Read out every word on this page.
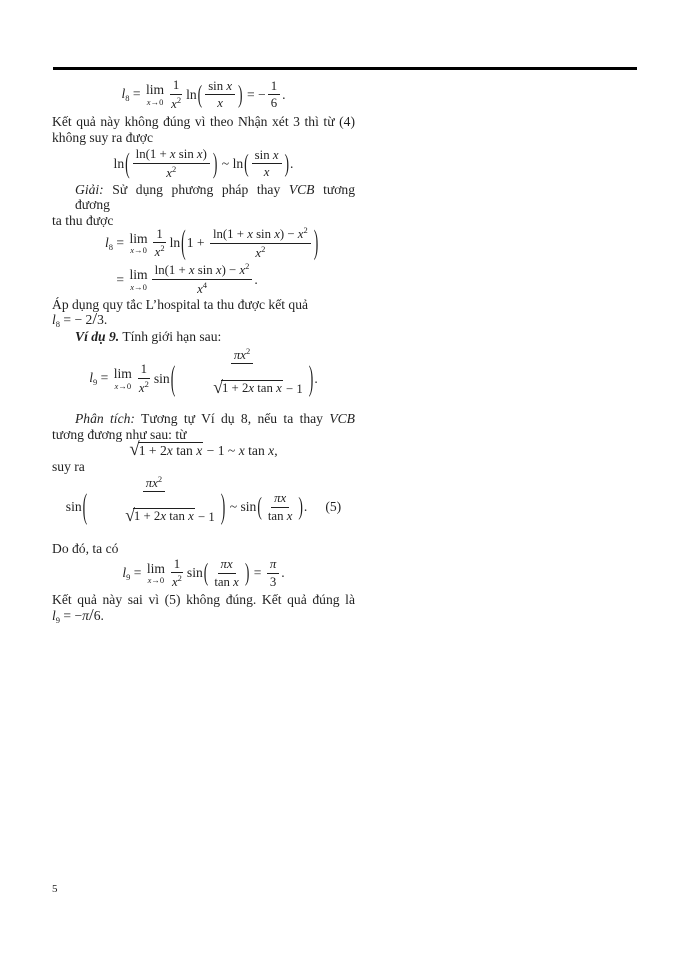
$l_8 = \lim$
$x\to 0 \frac{1}{x^2}$ ln ( $\frac{\text{sin x}}{x}$ ) = − $\frac{1}{6}$ .
Kết quả này không đúng vì theo Nhận xét 3 thì từ (4)
không suy ra được
ln ( $\frac{\text{ln(1 + x sin x)}}{x^2}$ ) ~ ln ( $\frac{\text{sin x}}{x}$ ) .
Giải: Sử dụng phương pháp thay VCB tương đương
ta thu được
$l_8 = \lim$
$x\to 0 \frac{1}{x^2}$ ln ( $1 + \frac{\ln(1 + x \sin x) - x^2}{x^2}$ )
= lim
$x\to 0 \frac{\ln(1 + x \sin x) - x^2}{x^4}$ .
Áp dụng quy tắc L’hospital ta thu được kết quả
$l_8$ = − 2/3.
Ví dụ 9. Tính giới hạn sau:
$l_9 = \lim$
$x\to 0 \frac{1}{x^2}$ sin ( $\frac{\pi x^2}{\text{√ 1 + 2x tan x − 1}}$
) .
Phân tích: Tương tự Ví dụ 8, nếu ta thay VCB
tương đương như sau: từ
√ 1 + 2x tan x − 1 ~ x tan x,
suy ra
sin ( $\frac{\pi x^2}{\text{√ 1 + 2x tan x − 1}}$
) ~ sin ( $\frac{\pi x}{\text{tan x}}$ ) . (5)
Do đó, ta có
$l_9 = \lim$
$x\to 0 \frac{1}{x^2}$ sin ( $\frac{\pi x}{\text{tan x}}$ ) = $\frac{\pi}{3}$ .
Kết quả này sai vì (5) không đúng. Kết quả đúng là
$l_9 = -\pi/6$.
5
